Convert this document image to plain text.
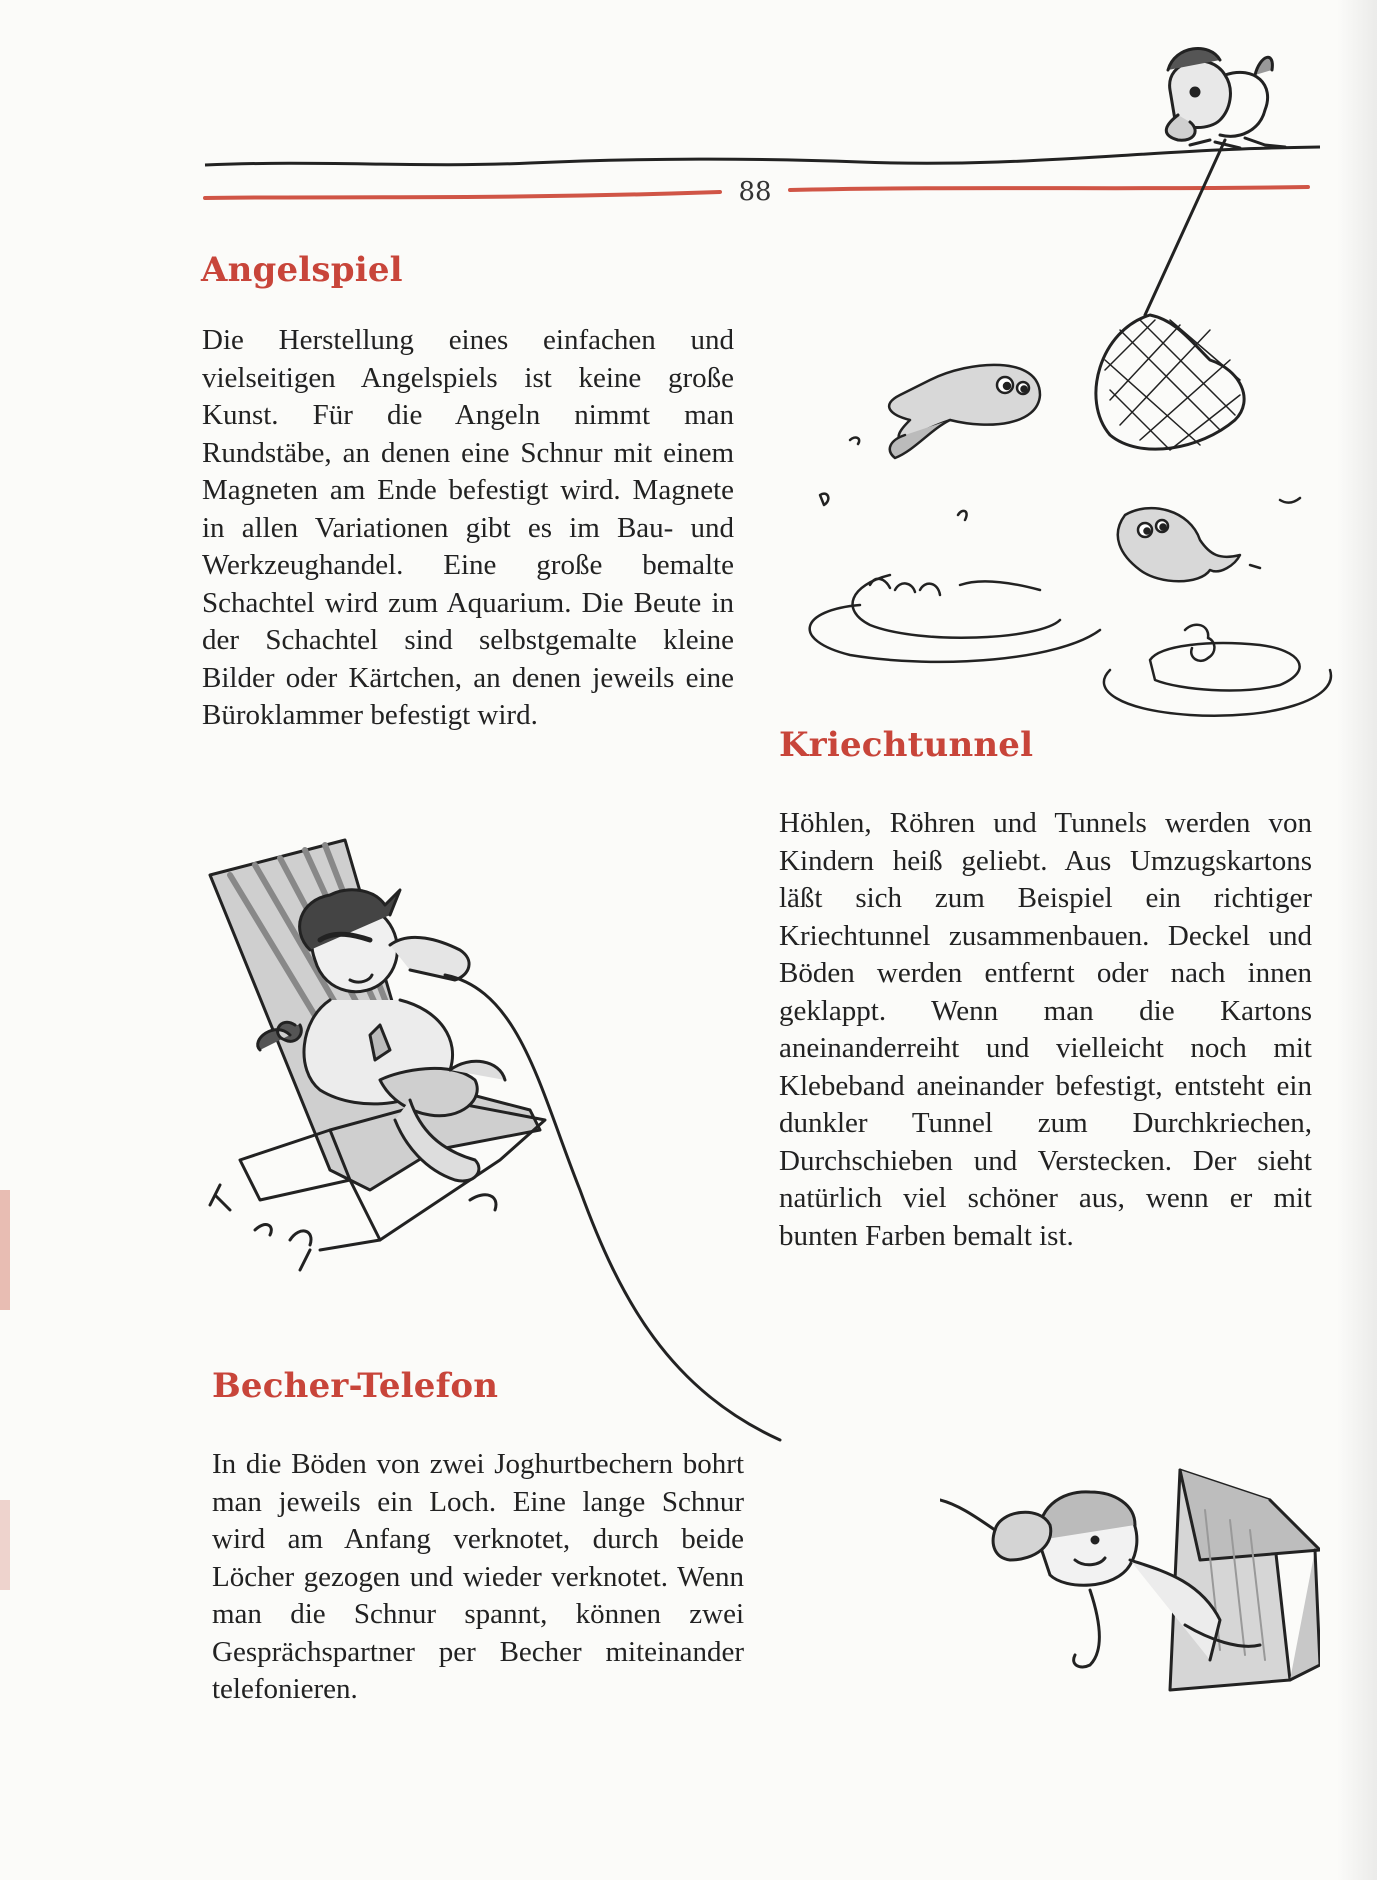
88
Angelspiel

Die Herstellung eines einfachen und vielseitigen Angelspiels ist keine große Kunst. Für die Angeln nimmt man Rundstäbe, an denen eine Schnur mit einem Magneten am Ende befestigt wird. Magnete in allen Variationen gibt es im Bau- und Werkzeughandel. Eine große bemalte Schachtel wird zum Aquarium. Die Beute in der Schachtel sind selbstgemalte kleine Bilder oder Kärtchen, an denen jeweils eine Büroklammer befestigt wird.

Kriechtunnel

Höhlen, Röhren und Tunnels werden von Kindern heiß geliebt. Aus Umzugskartons läßt sich zum Beispiel ein richtiger Kriechtunnel zusammenbauen. Deckel und Böden werden entfernt oder nach innen geklappt. Wenn man die Kartons aneinanderreiht und vielleicht noch mit Klebeband aneinander befestigt, entsteht ein dunkler Tunnel zum Durchkriechen, Durchschieben und Verstecken. Der sieht natürlich viel schöner aus, wenn er mit bunten Farben bemalt ist.

Becher-Telefon

In die Böden von zwei Joghurtbechern bohrt man jeweils ein Loch. Eine lange Schnur wird am Anfang verknotet, durch beide Löcher gezogen und wieder verknotet. Wenn man die Schnur spannt, können zwei Gesprächspartner per Becher miteinander telefonieren.
